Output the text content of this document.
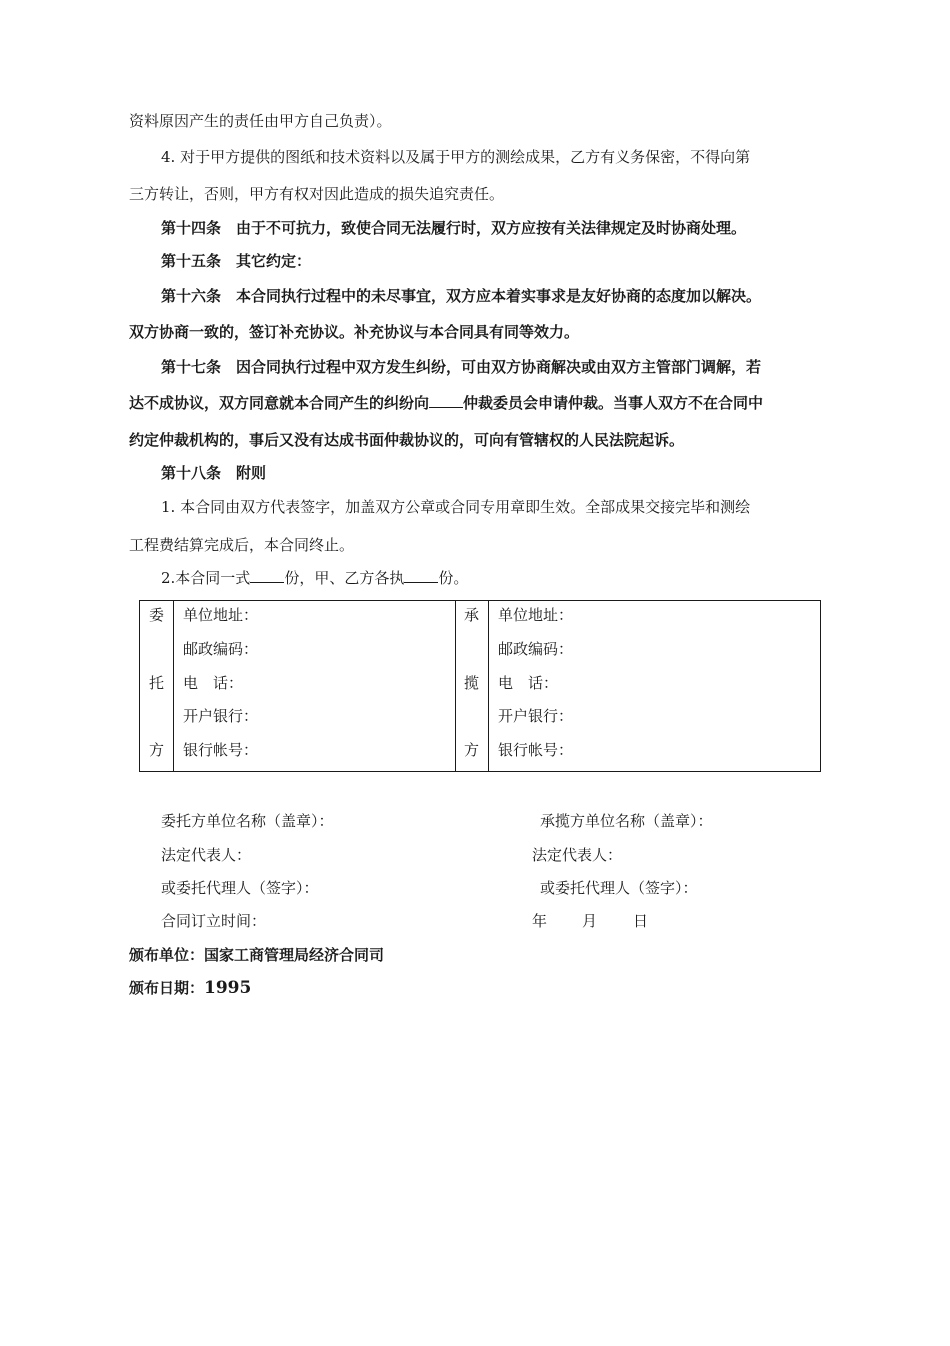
资料原因产生的责任由甲方自己负责）。
4. 对于甲方提供的图纸和技术资料以及属于甲方的测绘成果，乙方有义务保密，不得向第
三方转让，否则，甲方有权对因此造成的损失追究责任。
第十四条　由于不可抗力，致使合同无法履行时，双方应按有关法律规定及时协商处理。
第十五条　其它约定：
第十六条　本合同执行过程中的未尽事宜，双方应本着实事求是友好协商的态度加以解决。
双方协商一致的，签订补充协议。补充协议与本合同具有同等效力。
第十七条　因合同执行过程中双方发生纠纷，可由双方协商解决或由双方主管部门调解，若
达不成协议，双方同意就本合同产生的纠纷向 仲裁委员会申请仲裁。当事人双方不在合同中
约定仲裁机构的，事后又没有达成书面仲裁协议的，可向有管辖权的人民法院起诉。
第十八条　附则
1. 本合同由双方代表签字，加盖双方公章或合同专用章即生效。全部成果交接完毕和测绘
工程费结算完成后，本合同终止。
2.本合同一式 份，甲、乙方各执 份。
委
托
方
单位地址：
邮政编码：
电　话：
开户银行：
银行帐号：
承
揽
方
单位地址：
邮政编码：
电　话：
开户银行：
银行帐号：
委托方单位名称（盖章）：
法定代表人：
或委托代理人（签字）：
合同订立时间：
承揽方单位名称（盖章）：
法定代表人：
或委托代理人（签字）：
年 月 日
颁布单位：国家工商管理局经济合同司
颁布日期：1995
